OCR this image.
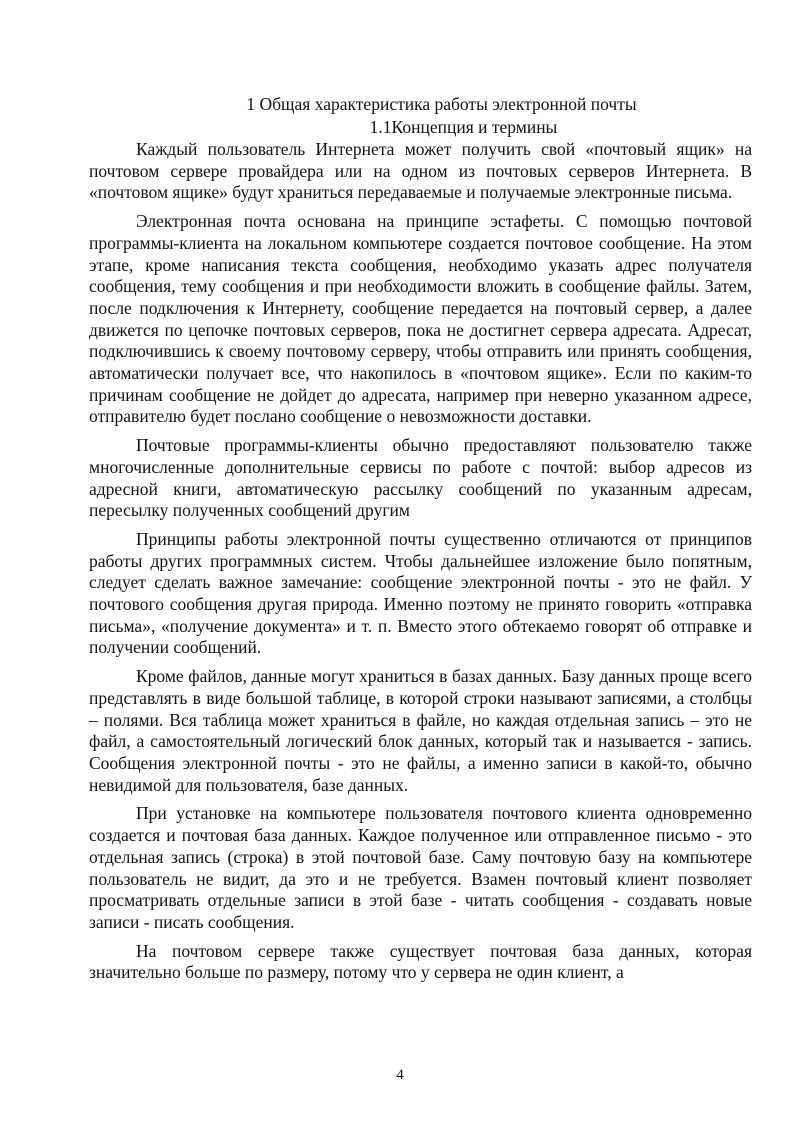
1 Общая характеристика работы электронной почты

1.1Концепция и термины

Каждый пользователь Интернета может получить свой «почтовый ящик» на почтовом сервере провайдера или на одном из почтовых серверов Интернета. В «почтовом ящике» будут храниться передаваемые и получаемые электронные письма.

Электронная почта основана на принципе эстафеты. С помощью почтовой программы-клиента на локальном компьютере создается почтовое сообщение. На этом этапе, кроме написания текста сообщения, необходимо указать адрес получателя сообщения, тему сообщения и при необходимости вложить в сообщение файлы. Затем, после подключения к Интернету, сообщение передается на почтовый сервер, а далее движется по цепочке почтовых серверов, пока не достигнет сервера адресата. Адресат, подключившись к своему почтовому серверу, чтобы отправить или принять сообщения, автоматически получает все, что накопилось в «почтовом ящике». Если по каким-то причинам сообщение не дойдет до адресата, например при неверно указанном адресе, отправителю будет послано сообщение о невозможности доставки.

Почтовые программы-клиенты обычно предоставляют пользователю также многочисленные дополнительные сервисы по работе с почтой: выбор адресов из адресной книги, автоматическую рассылку сообщений по указанным адресам, пересылку полученных сообщений другим

Принципы работы электронной почты существенно отличаются от принципов работы других программных систем. Чтобы дальнейшее изложение было попятным, следует сделать важное замечание: сообщение электронной почты - это не файл. У почтового сообщения другая природа. Именно поэтому не принято говорить «отправка письма», «получение документа» и т. п. Вместо этого обтекаемо говорят об отправке и получении сообщений.

Кроме файлов, данные могут храниться в базах данных. Базу данных проще всего представлять в виде большой таблице, в которой строки называют записями, а столбцы – полями. Вся таблица может храниться в файле, но каждая отдельная запись – это не файл, а самостоятельный логический блок данных, который так и называется - запись. Сообщения электронной почты - это не файлы, а именно записи в какой-то, обычно невидимой для пользователя, базе данных.

При установке на компьютере пользователя почтового клиента одновременно создается и почтовая база данных. Каждое полученное или отправленное письмо - это отдельная запись (строка) в этой почтовой базе. Саму почтовую базу на компьютере пользователь не видит, да это и не требуется. Взамен почтовый клиент позволяет просматривать отдельные записи в этой базе - читать сообщения - создавать новые записи - писать сообщения.

На почтовом сервере также существует почтовая база данных, которая значительно больше по размеру, потому что у сервера не один клиент, а

4
